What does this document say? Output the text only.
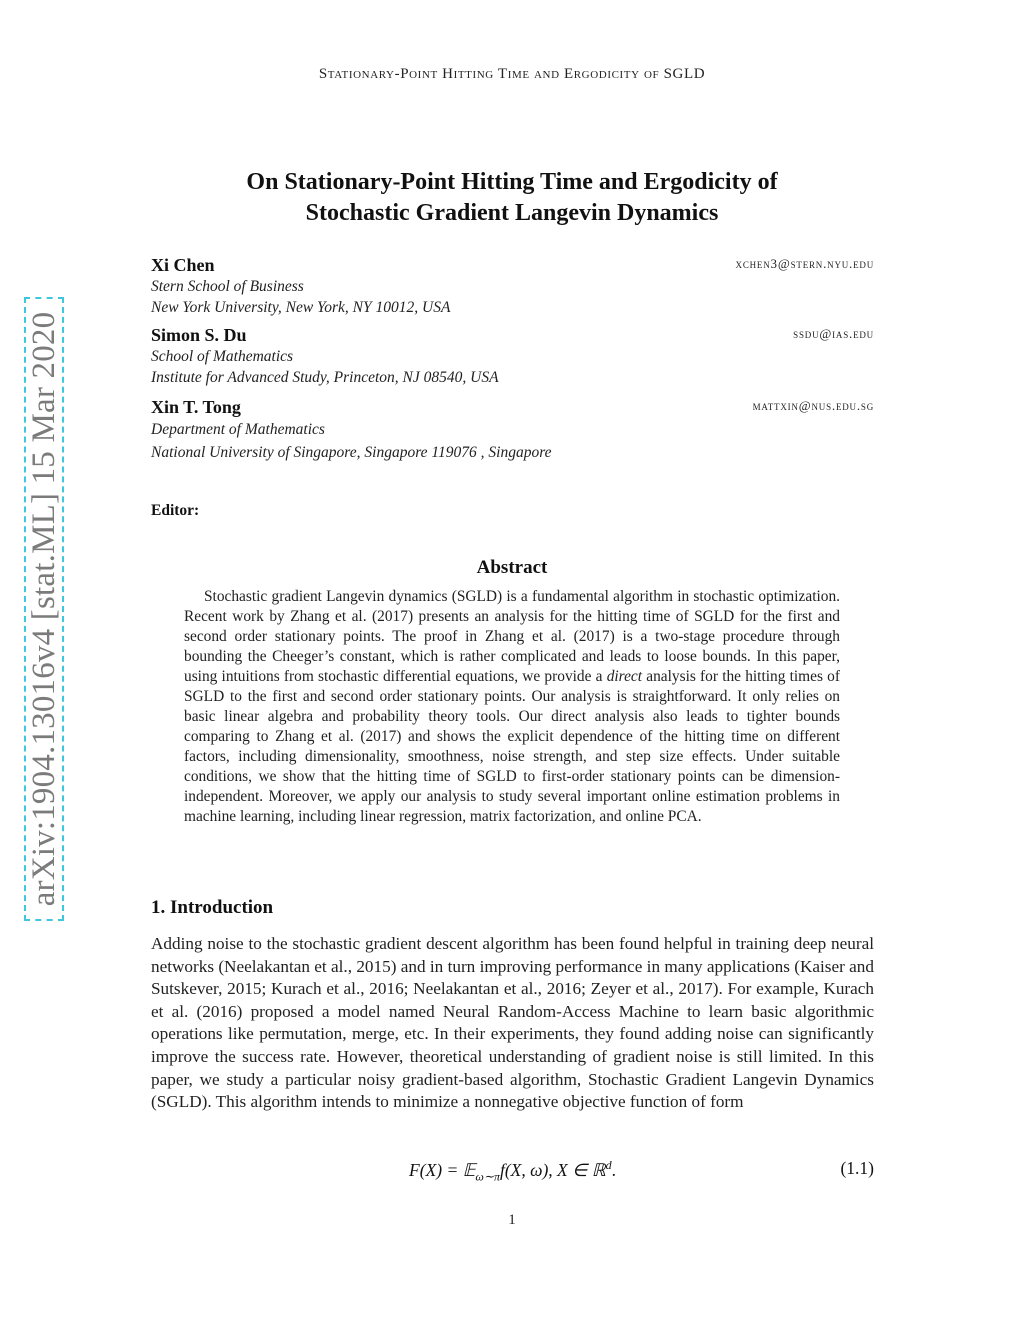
arXiv:1904.13016v4 [stat.ML] 15 Mar 2020
Stationary-Point Hitting Time and Ergodicity of SGLD
On Stationary-Point Hitting Time and Ergodicity of
Stochastic Gradient Langevin Dynamics
Xi Chen	xchen3@stern.nyu.edu
Stern School of Business
New York University, New York, NY 10012, USA
Simon S. Du	ssdu@ias.edu
School of Mathematics
Institute for Advanced Study, Princeton, NJ 08540, USA
Xin T. Tong	mattxin@nus.edu.sg
Department of Mathematics
National University of Singapore, Singapore 119076 , Singapore
Editor:
Abstract
Stochastic gradient Langevin dynamics (SGLD) is a fundamental algorithm in stochastic optimization. Recent work by Zhang et al. (2017) presents an analysis for the hitting time of SGLD for the first and second order stationary points. The proof in Zhang et al. (2017) is a two-stage procedure through bounding the Cheeger’s constant, which is rather complicated and leads to loose bounds. In this paper, using intuitions from stochastic differential equations, we provide a direct analysis for the hitting times of SGLD to the first and second order stationary points. Our analysis is straightforward. It only relies on basic linear algebra and probability theory tools. Our direct analysis also leads to tighter bounds comparing to Zhang et al. (2017) and shows the explicit dependence of the hitting time on different factors, including dimensionality, smoothness, noise strength, and step size effects. Under suitable conditions, we show that the hitting time of SGLD to first-order stationary points can be dimension-independent. Moreover, we apply our analysis to study several important online estimation problems in machine learning, including linear regression, matrix factorization, and online PCA.
1. Introduction
Adding noise to the stochastic gradient descent algorithm has been found helpful in training deep neural networks (Neelakantan et al., 2015) and in turn improving performance in many applications (Kaiser and Sutskever, 2015; Kurach et al., 2016; Neelakantan et al., 2016; Zeyer et al., 2017). For example, Kurach et al. (2016) proposed a model named Neural Random-Access Machine to learn basic algorithmic operations like permutation, merge, etc. In their experiments, they found adding noise can significantly improve the success rate. However, theoretical understanding of gradient noise is still limited. In this paper, we study a particular noisy gradient-based algorithm, Stochastic Gradient Langevin Dynamics (SGLD). This algorithm intends to minimize a nonnegative objective function of form
F(X) = 𝔼$_{\omega\sim\pi}$f(X, ω), X ∈ ℝ$^d$.	(1.1)
1
